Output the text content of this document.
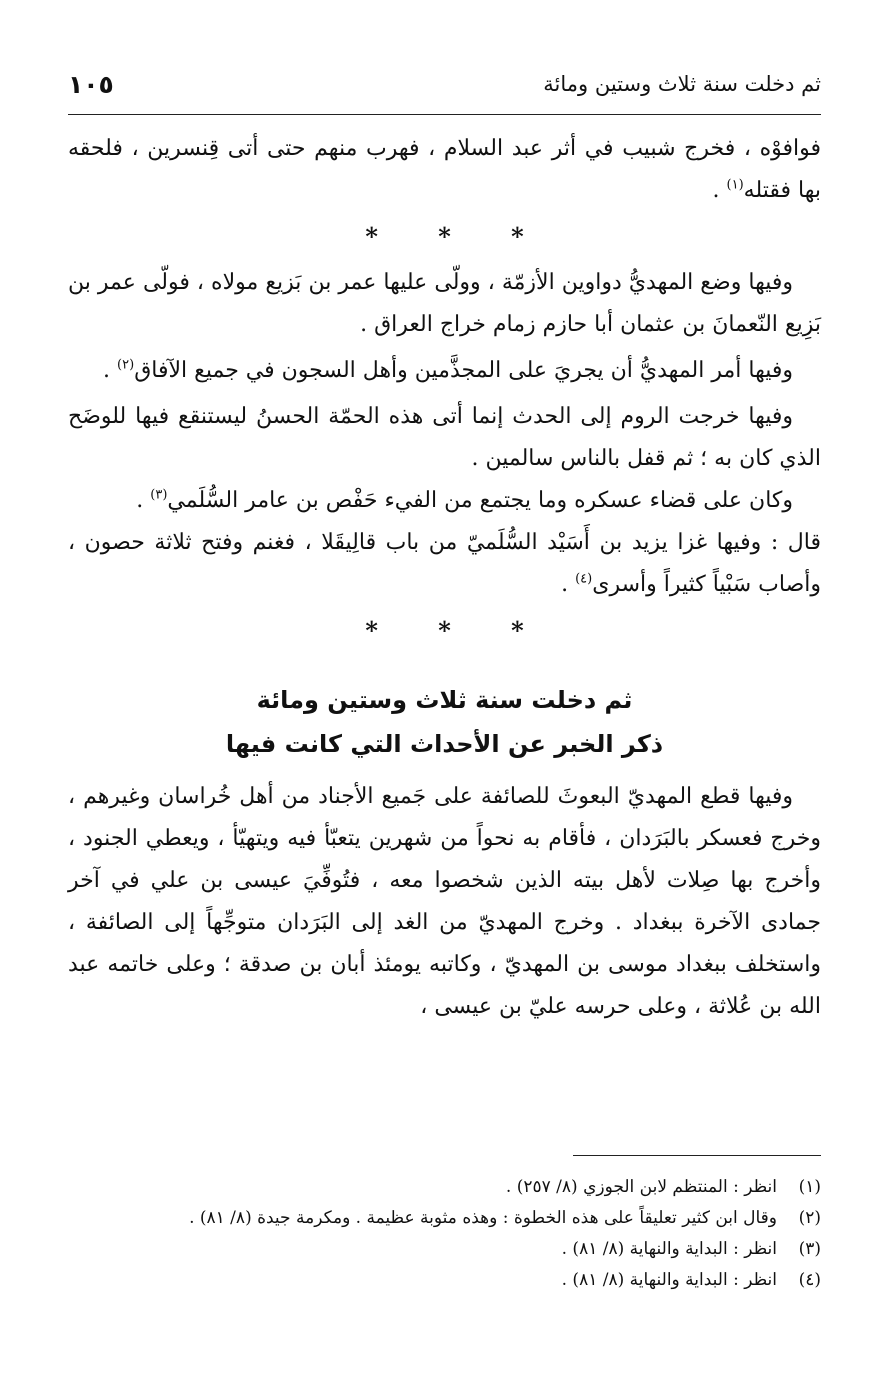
ثم دخلت سنة ثلاث وستين ومائة
١٠٥

فوافوْه ، فخرج شبيب في أثر عبد السلام ، فهرب منهم حتى أتى قِنسرين ، فلحقه بها فقتله$^{(١)}$ .

* * *

وفيها وضع المهديُّ دواوين الأزمّة ، وولّى عليها عمر بن بَزيع مولاه ، فولّى عمر بن بَزِيع النّعمانَ بن عثمان أبا حازم زمام خراج العراق .

وفيها أمر المهديُّ أن يجريَ على المجذَّمين وأهل السجون في جميع الآفاق$^{(٢)}$ .

وفيها خرجت الروم إلى الحدث إنما أتى هذه الحمّة الحسنُ ليستنقع فيها للوضَح الذي كان به ؛ ثم قفل بالناس سالمين .

وكان على قضاء عسكره وما يجتمع من الفيء حَفْص بن عامر السُّلَمي$^{(٣)}$ .

قال : وفيها غزا يزيد بن أَسَيْد السُّلَميّ من باب قالِيقَلا ، فغنم وفتح ثلاثة حصون ، وأصاب سَبْياً كثيراً وأسرى$^{(٤)}$ .

* * *
ثم دخلت سنة ثلاث وستين ومائة
ذكر الخبر عن الأحداث التي كانت فيها

وفيها قطع المهديّ البعوثَ للصائفة على جَميع الأجناد من أهل خُراسان وغيرهم ، وخرج فعسكر بالبَرَدان ، فأقام به نحواً من شهرين يتعبّأ فيه ويتهيّأ ، ويعطي الجنود ، وأخرج بها صِلات لأهل بيته الذين شخصوا معه ، فتُوفِّيَ عيسى بن علي في آخر جمادى الآخرة ببغداد . وخرج المهديّ من الغد إلى البَرَدان متوجِّهاً إلى الصائفة ، واستخلف ببغداد موسى بن المهديّ ، وكاتبه يومئذ أبان بن صدقة ؛ وعلى خاتمه عبد الله بن عُلاثة ، وعلى حرسه عليّ بن عيسى ،

(١)
انظر : المنتظم لابن الجوزي (٨/ ٢٥٧) .
(٢)
وقال ابن كثير تعليقاً على هذه الخطوة : وهذه مثوبة عظيمة . ومكرمة جيدة (٨/ ٨١) .
(٣)
انظر : البداية والنهاية (٨/ ٨١) .
(٤)
انظر : البداية والنهاية (٨/ ٨١) .
